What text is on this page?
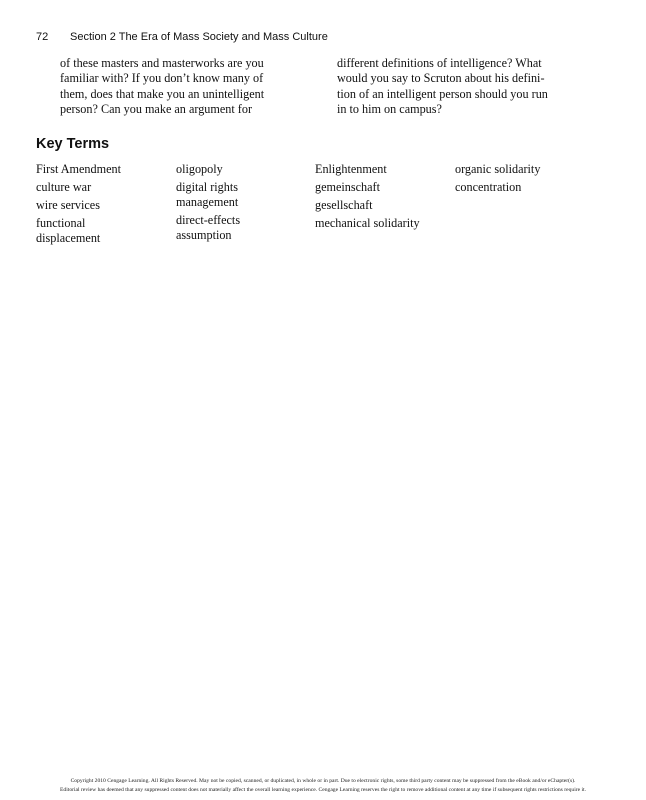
72 Section 2 The Era of Mass Society and Mass Culture
of these masters and masterworks are you
familiar with? If you don’t know many of
them, does that make you an unintelligent
person? Can you make an argument for
different definitions of intelligence? What
would you say to Scruton about his defini-
tion of an intelligent person should you run
in to him on campus?
Key Terms
First Amendment
culture war
wire services
functional
displacement
oligopoly
digital rights
management
direct-effects
assumption
Enlightenment
gemeinschaft
gesellschaft
mechanical solidarity
organic solidarity
concentration
Copyright 2010 Cengage Learning. All Rights Reserved. May not be copied, scanned, or duplicated, in whole or in part. Due to electronic rights, some third party content may be suppressed from the eBook and/or eChapter(s).
Editorial review has deemed that any suppressed content does not materially affect the overall learning experience. Cengage Learning reserves the right to remove additional content at any time if subsequent rights restrictions require it.
